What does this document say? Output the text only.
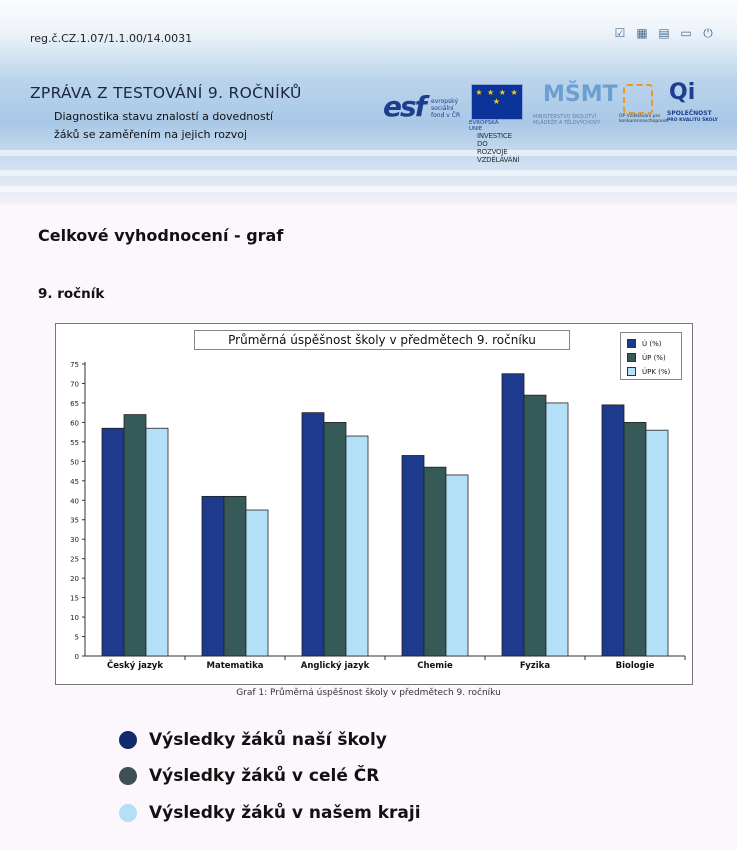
reg.č.CZ.1.07/1.1.00/14.0031	☑ ▦ ▤ ▭ ⏻
ZPRÁVA Z TESTOVÁNÍ 9. ROČNÍKŮ
Diagnostika stavu znalostí a dovedností
žáků se zaměřením na jejich rozvoj
esf evropský
sociální
fond v ČR
★ ★ ★ ★ ★
EVROPSKÁ UNIE
MŠMT
MINISTERSTVO ŠKOLSTVÍ MLÁDEŽE A TĚLOVÝCHOVY
OP Vzdělávání pro konkurenceschopnost
Qi
SPOLEČNOST
PRO KVALITU ŠKOLY
INVESTICE DO ROZVOJE VZDĚLÁVÁNÍ
Celkové vyhodnocení - graf
9. ročník
0
5
10
15
20
25
30
35
40
45
50
55
60
65
70
75
Český jazyk	Matematika	Anglický jazyk	Chemie	Fyzika	Biologie
Průměrná úspěšnost školy v předmětech 9. ročníku	Ú (%)
ÚP (%)
ÚPK (%)
Graf 1: Průměrná úspěšnost školy v předmětech 9. ročníku
Výsledky žáků naší školy
Výsledky žáků v celé ČR
Výsledky žáků v našem kraji
